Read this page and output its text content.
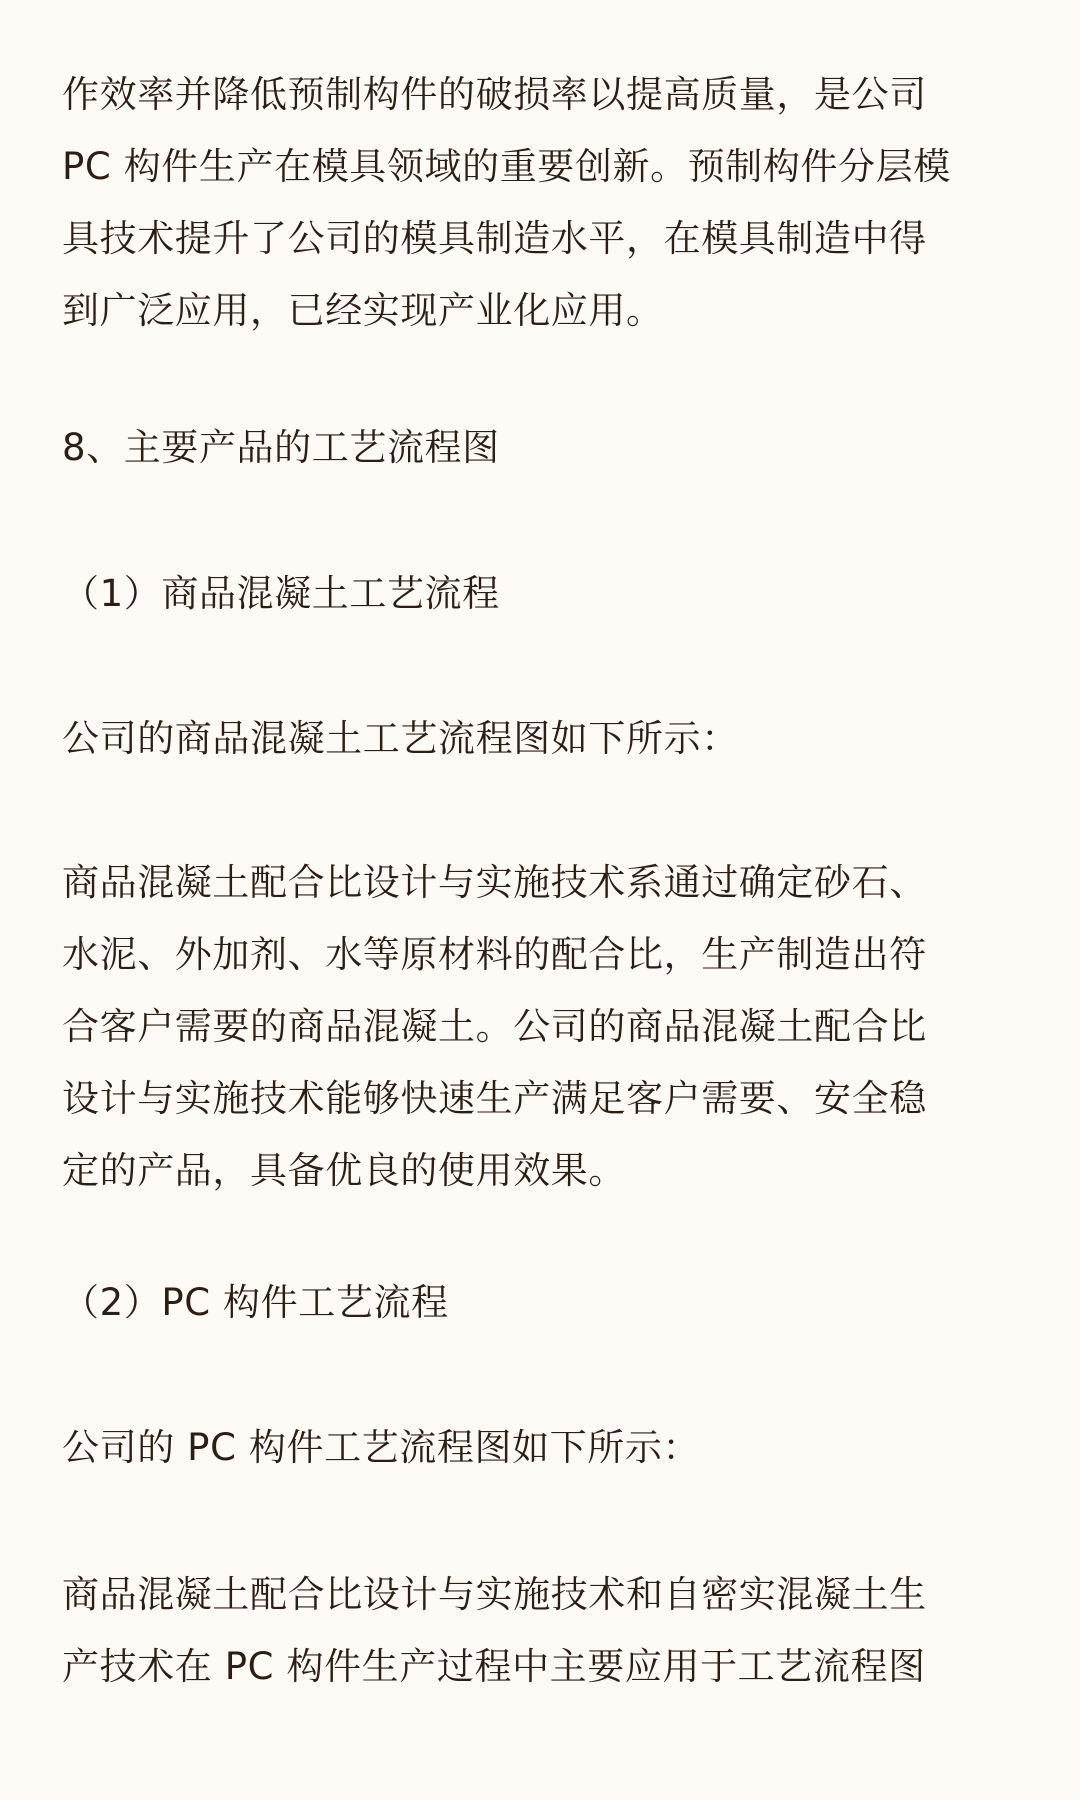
作效率并降低预制构件的破损率以提高质量，是公司
PC 构件生产在模具领域的重要创新。预制构件分层模
具技术提升了公司的模具制造水平，在模具制造中得
到广泛应用，已经实现产业化应用。

8、主要产品的工艺流程图

（1）商品混凝土工艺流程

公司的商品混凝土工艺流程图如下所示：

商品混凝土配合比设计与实施技术系通过确定砂石、
水泥、外加剂、水等原材料的配合比，生产制造出符
合客户需要的商品混凝土。公司的商品混凝土配合比
设计与实施技术能够快速生产满足客户需要、安全稳
定的产品，具备优良的使用效果。

（2）PC 构件工艺流程

公司的 PC 构件工艺流程图如下所示：

商品混凝土配合比设计与实施技术和自密实混凝土生
产技术在 PC 构件生产过程中主要应用于工艺流程图
